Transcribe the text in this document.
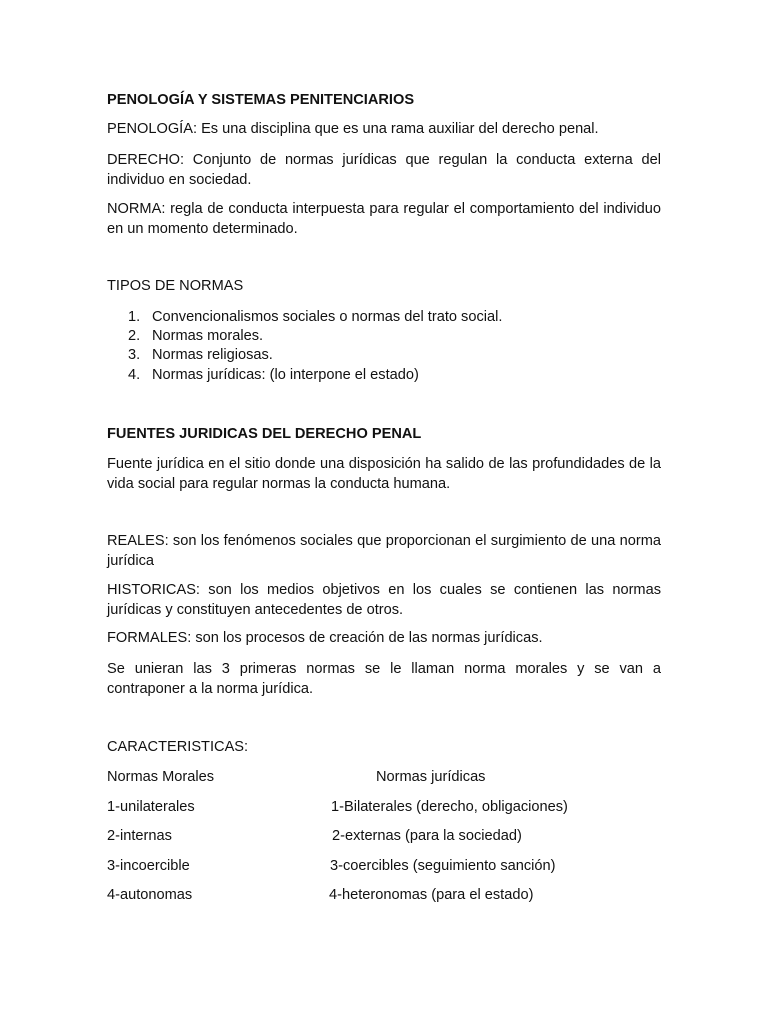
PENOLOGÍA Y SISTEMAS PENITENCIARIOS

PENOLOGÍA: Es una disciplina que es una rama auxiliar del derecho penal.

DERECHO: Conjunto de normas jurídicas que regulan la conducta externa del individuo en sociedad.

NORMA: regla de conducta interpuesta para regular el comportamiento del individuo en un momento determinado.

TIPOS DE NORMAS

1. Convencionalismos sociales o normas del trato social.
2. Normas morales.
3. Normas religiosas.
4. Normas jurídicas: (lo interpone el estado)

FUENTES JURIDICAS DEL DERECHO PENAL

Fuente jurídica en el sitio donde una disposición ha salido de las profundidades de la vida social para regular normas la conducta humana.

REALES: son los fenómenos sociales que proporcionan el surgimiento de una norma jurídica

HISTORICAS: son los medios objetivos en los cuales se contienen las normas jurídicas y constituyen antecedentes de otros.

FORMALES: son los procesos de creación de las normas jurídicas.

Se unieran las 3 primeras normas se le llaman norma morales y se van a contraponer a la norma jurídica.

CARACTERISTICAS:

Normas Morales	Normas jurídicas
1-unilaterales	1-Bilaterales (derecho, obligaciones)
2-internas	2-externas (para la sociedad)
3-incoercible	3-coercibles (seguimiento sanción)
4-autonomas	4-heteronomas (para el estado)
